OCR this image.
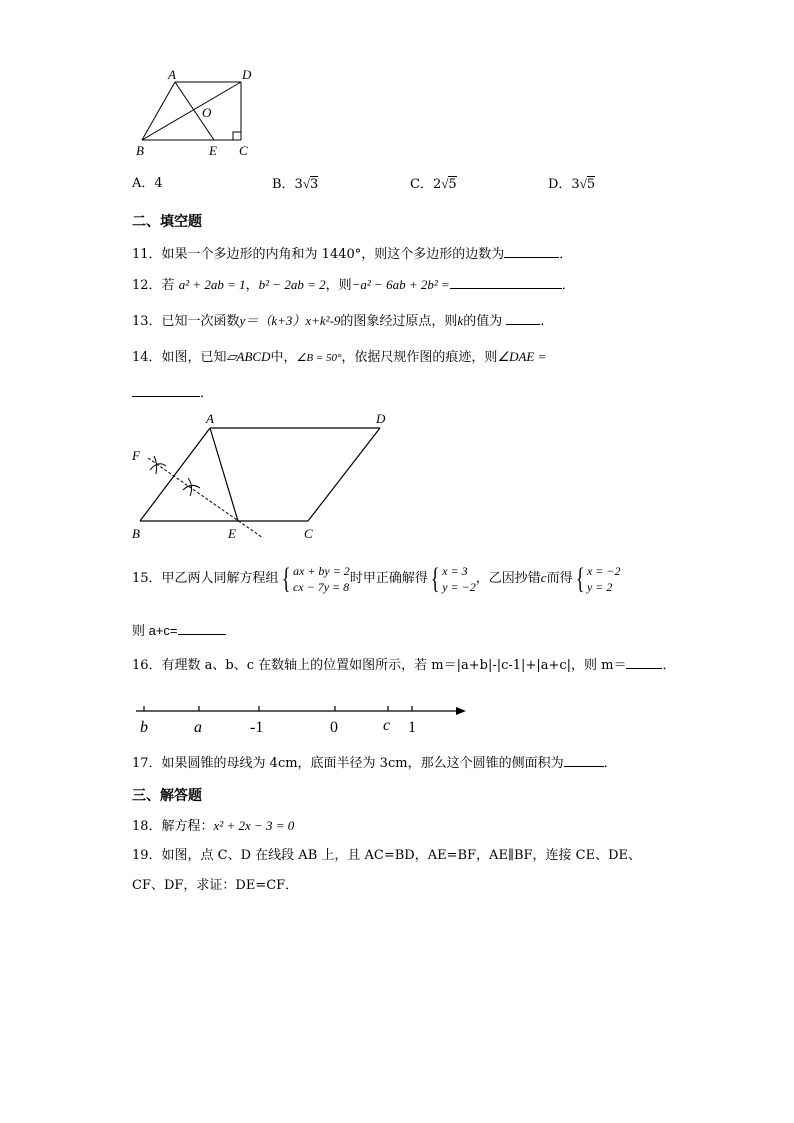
A	D
O
B	E C
A．4	B．3√3	C．2√5	D．3√5
二、填空题
11．如果一个多边形的内角和为 1440°，则这个多边形的边数为	．
12．若 a² + 2ab = 1，b² − 2ab = 2，则−a² − 6ab + 2b² =	．
13．已知一次函数y＝（k+3）x+k²-9的图象经过原点，则k的值为	．
14．如图，已知▱ABCD中，∠B = 50°，依据尺规作图的痕迹，则∠DAE =
．
A	D
F
B	E	C
15．甲乙两人同解方程组{ ax + by = 2
cx − 7y = 8时甲正确解得{ x = 3
y = −2，乙因抄错c而得{ x = −2
y = 2
则 a+c=
16．有理数 a、b、c 在数轴上的位置如图所示，若 m＝|a+b|-|c-1|+|a+c|，则 m＝	．
b	a	-1	0	c 1
17．如果圆锥的母线为 4cm，底面半径为 3cm，那么这个圆锥的侧面积为	．
三、解答题
18．解方程：x² + 2x − 3 = 0
19．如图，点 C、D 在线段 AB 上，且 AC=BD，AE=BF，AE∥BF，连接 CE、DE、
CF、DF，求证：DE=CF．
